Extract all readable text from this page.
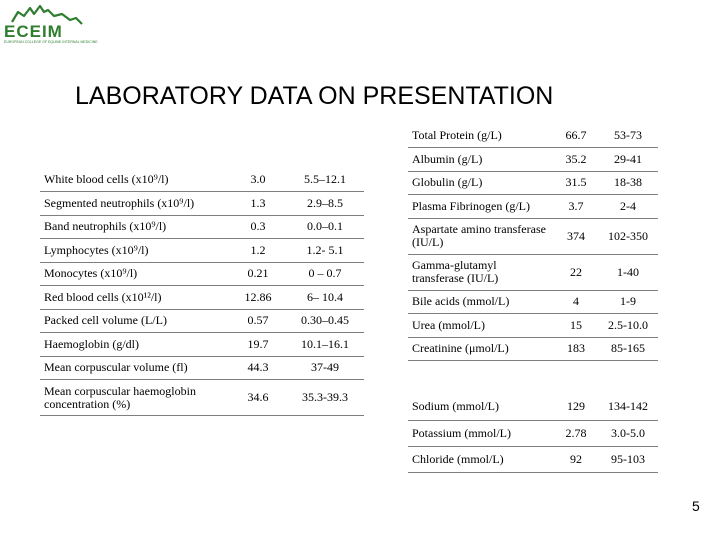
ECEIM
EUROPEAN COLLEGE OF EQUINE INTERNAL MEDICINE
LABORATORY DATA ON PRESENTATION
White blood cells (x10⁹/l)	3.0	5.5–12.1
Segmented neutrophils (x10⁹/l)	1.3	2.9–8.5
Band neutrophils (x10⁹/l)	0.3	0.0–0.1
Lymphocytes (x10⁹/l)	1.2	1.2- 5.1
Monocytes (x10⁹/l)	0.21	0 – 0.7
Red blood cells (x10¹²/l)	12.86	6– 10.4
Packed cell volume (L/L)	0.57	0.30–0.45
Haemoglobin (g/dl)	19.7	10.1–16.1
Mean corpuscular volume (fl)	44.3	37-49
Mean corpuscular haemoglobin concentration (%)	34.6	35.3-39.3
Total Protein (g/L)	66.7	53-73
Albumin (g/L)	35.2	29-41
Globulin (g/L)	31.5	18-38
Plasma Fibrinogen (g/L)	3.7	2-4
Aspartate amino transferase (IU/L)	374	102-350
Gamma-glutamyl transferase (IU/L)	22	1-40
Bile acids (mmol/L)	4	1-9
Urea (mmol/L)	15	2.5-10.0
Creatinine (μmol/L)	183	85-165
Sodium (mmol/L)	129	134-142
Potassium (mmol/L)	2.78	3.0-5.0
Chloride (mmol/L)	92	95-103
5
